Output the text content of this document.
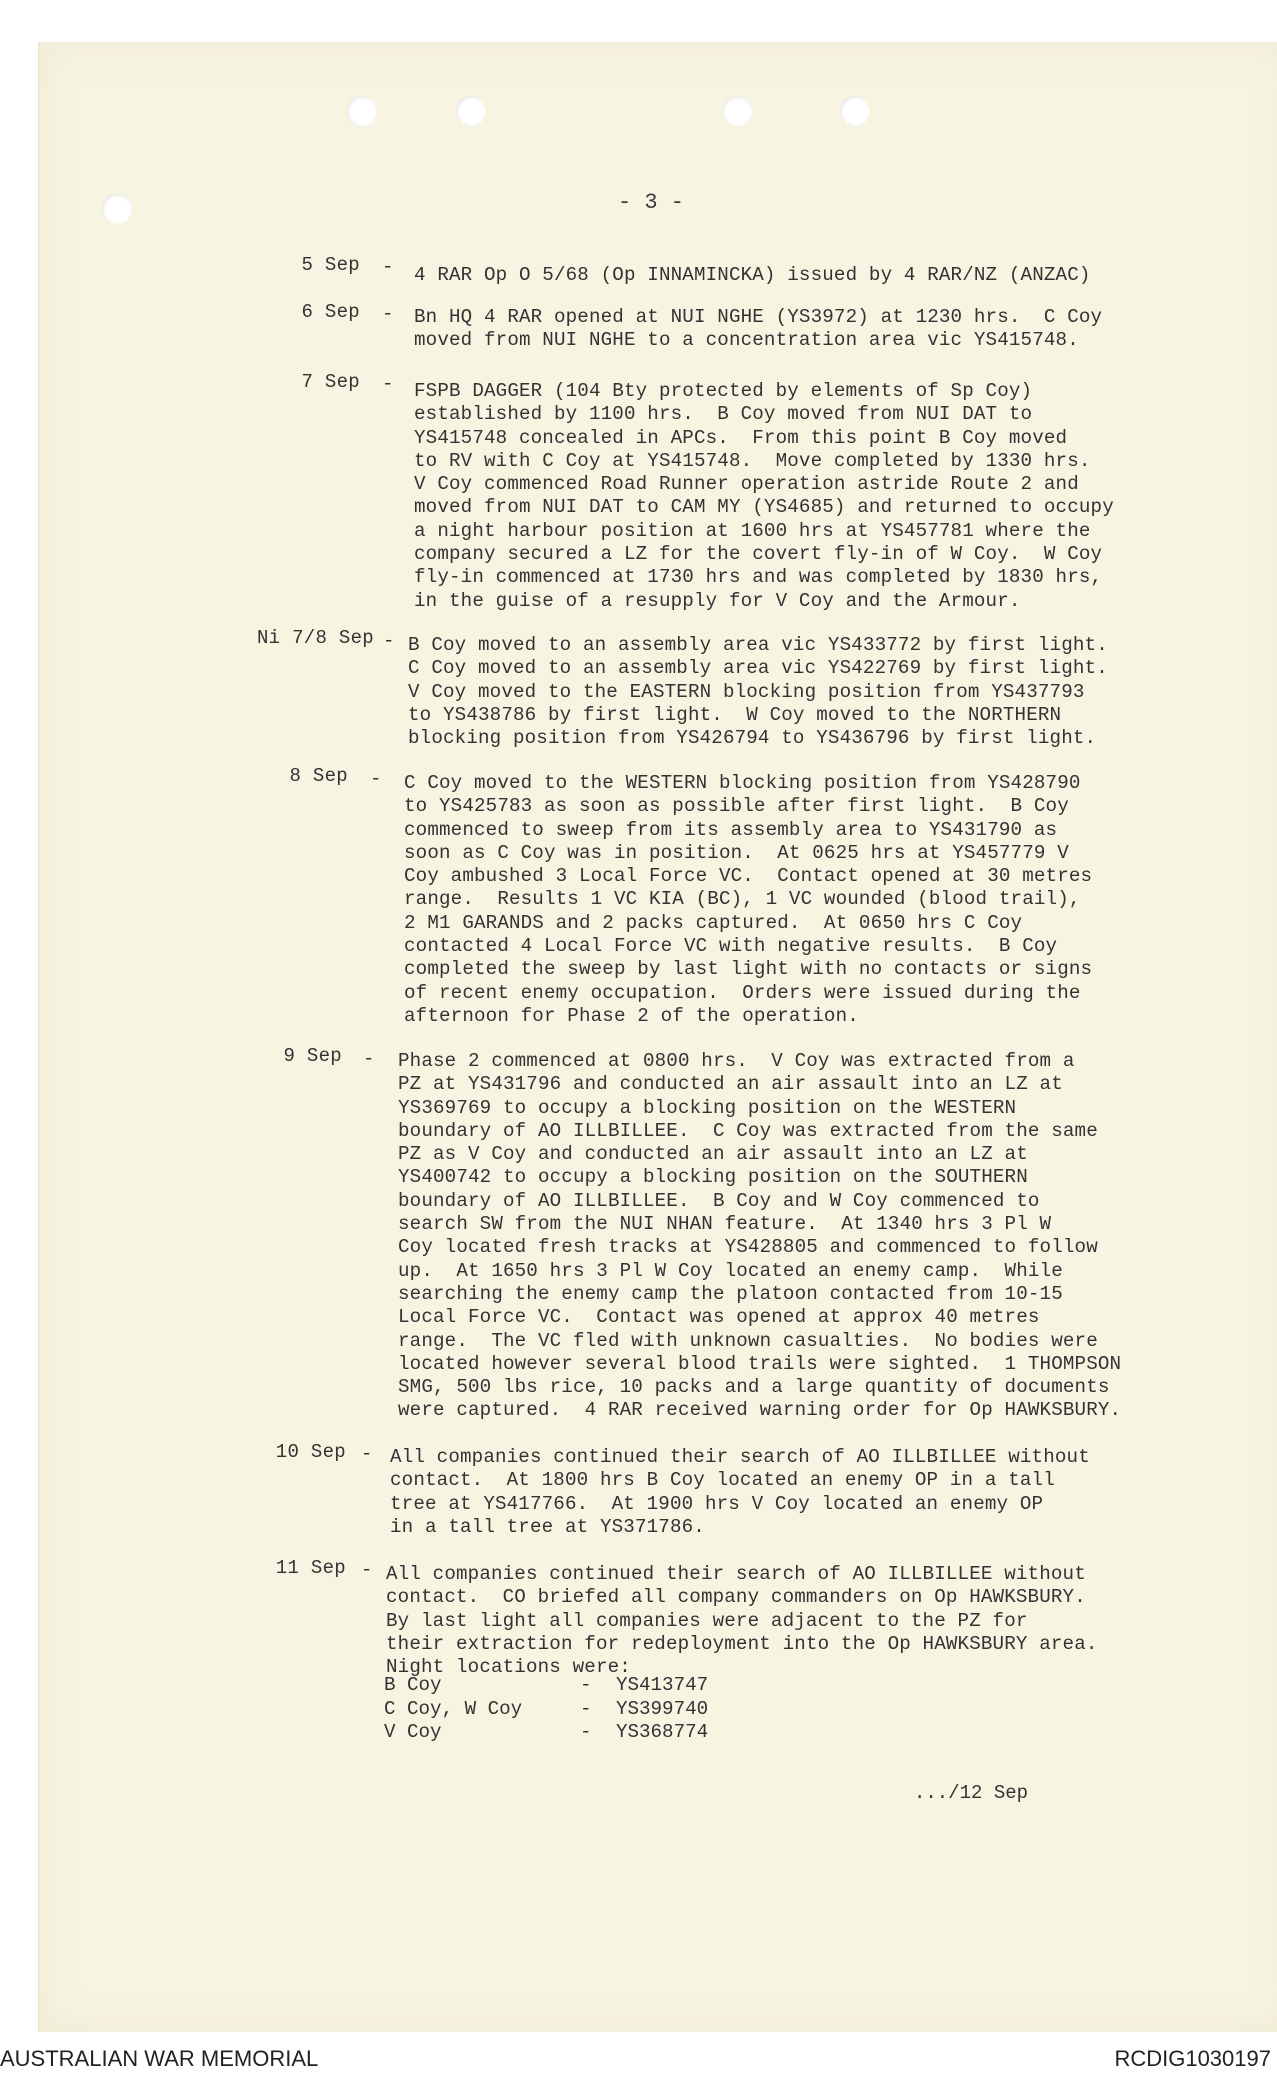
- 3 -
5 Sep - 4 RAR Op O 5/68 (Op INNAMINCKA) issued by 4 RAR/NZ (ANZAC)
6 Sep - Bn HQ 4 RAR opened at NUI NGHE (YS3972) at 1230 hrs.  C Coy
moved from NUI NGHE to a concentration area vic YS415748.
7 Sep - FSPB DAGGER (104 Bty protected by elements of Sp Coy)
established by 1100 hrs.  B Coy moved from NUI DAT to
YS415748 concealed in APCs.  From this point B Coy moved
to RV with C Coy at YS415748.  Move completed by 1330 hrs.
V Coy commenced Road Runner operation astride Route 2 and
moved from NUI DAT to CAM MY (YS4685) and returned to occupy
a night harbour position at 1600 hrs at YS457781 where the
company secured a LZ for the covert fly-in of W Coy.  W Coy
fly-in commenced at 1730 hrs and was completed by 1830 hrs,
in the guise of a resupply for V Coy and the Armour.
Ni 7/8 Sep - B Coy moved to an assembly area vic YS433772 by first light.
C Coy moved to an assembly area vic YS422769 by first light.
V Coy moved to the EASTERN blocking position from YS437793
to YS438786 by first light.  W Coy moved to the NORTHERN
blocking position from YS426794 to YS436796 by first light.
8 Sep - C Coy moved to the WESTERN blocking position from YS428790
to YS425783 as soon as possible after first light.  B Coy
commenced to sweep from its assembly area to YS431790 as
soon as C Coy was in position.  At 0625 hrs at YS457779 V
Coy ambushed 3 Local Force VC.  Contact opened at 30 metres
range.  Results 1 VC KIA (BC), 1 VC wounded (blood trail),
2 M1 GARANDS and 2 packs captured.  At 0650 hrs C Coy
contacted 4 Local Force VC with negative results.  B Coy
completed the sweep by last light with no contacts or signs
of recent enemy occupation.  Orders were issued during the
afternoon for Phase 2 of the operation.
9 Sep - Phase 2 commenced at 0800 hrs.  V Coy was extracted from a
PZ at YS431796 and conducted an air assault into an LZ at
YS369769 to occupy a blocking position on the WESTERN
boundary of AO ILLBILLEE.  C Coy was extracted from the same
PZ as V Coy and conducted an air assault into an LZ at
YS400742 to occupy a blocking position on the SOUTHERN
boundary of AO ILLBILLEE.  B Coy and W Coy commenced to
search SW from the NUI NHAN feature.  At 1340 hrs 3 Pl W
Coy located fresh tracks at YS428805 and commenced to follow
up.  At 1650 hrs 3 Pl W Coy located an enemy camp.  While
searching the enemy camp the platoon contacted from 10-15
Local Force VC.  Contact was opened at approx 40 metres
range.  The VC fled with unknown casualties.  No bodies were
located however several blood trails were sighted.  1 THOMPSON
SMG, 500 lbs rice, 10 packs and a large quantity of documents
were captured.  4 RAR received warning order for Op HAWKSBURY.
10 Sep - All companies continued their search of AO ILLBILLEE without
contact.  At 1800 hrs B Coy located an enemy OP in a tall
tree at YS417766.  At 1900 hrs V Coy located an enemy OP
in a tall tree at YS371786.
11 Sep - All companies continued their search of AO ILLBILLEE without
contact.  CO briefed all company commanders on Op HAWKSBURY.
By last light all companies were adjacent to the PZ for
their extraction for redeployment into the Op HAWKSBURY area.
Night locations were:
B Coy	- YS413747
C Coy, W Coy	- YS399740
V Coy	- YS368774
.../12 Sep
AUSTRALIAN WAR MEMORIAL	RCDIG1030197
